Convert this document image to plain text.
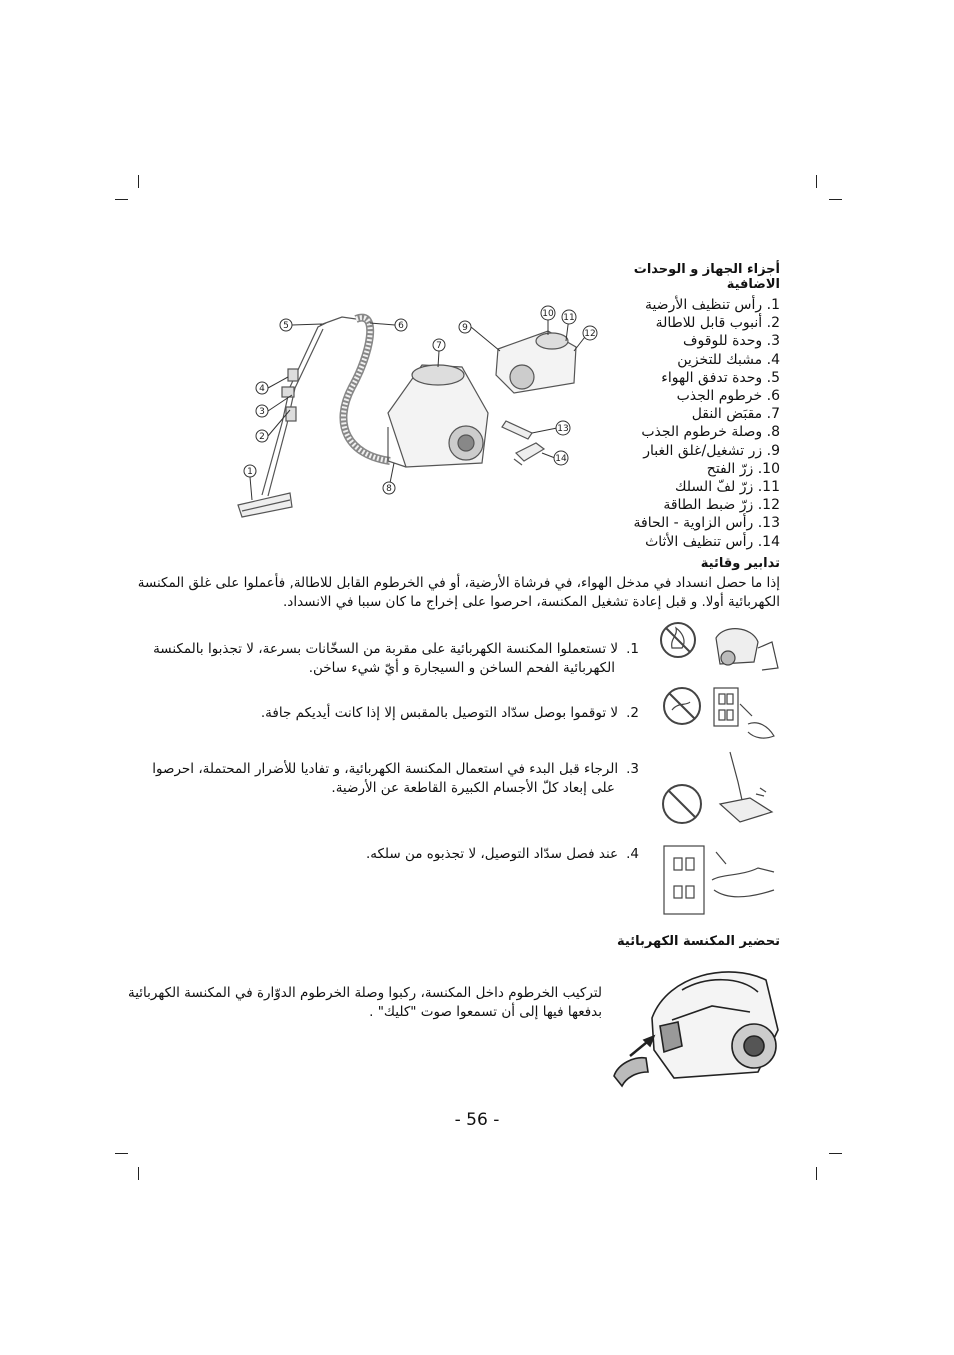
1
2
3
4
5	6
7
8
9
10 11
12
13
14
أجزاء الجهاز و الوحدات الاضافية
1. رأس تنظيف الأرضية
2. أنبوب قابل للاطالة
3. وحدة للوقوف
4. مشبك للتخزين
5. وحدة تدفق الهواء
6. خرطوم الجذب
7. مقبَض النقل
8. وصلة خرطوم الجذب
9. زر تشغيل/غلق الغبار
10. زرّ الفتح
11. زرّ لفّ السلك
12. زرّ ضبط الطاقة
13. رأس الزاوية - الحافة
14. رأس تنظيف الأثاث
تدابير وقائية
إذا ما حصل انسداد في مدخل الهواء، في فرشاة الأرضية، أو في الخرطوم القابل للاطالة, فأعملوا على غلق المكنسة
الكهربائية أولا. و قبل إعادة تشغيل المكنسة، احرصوا على إخراج ما كان سببا في الانسداد.
1.لا تستعملوا المكنسة الكهربائية على مقربة من السخّانات بسرعة، لا تجذبوا بالمكنسة
الكهربائية الفحم الساخن و السيجارة و أيّ شيء ساخن.
2.لا توقموا بوصل سدّاد التوصيل بالمقبس إلا إذا كانت أيديكم جافة.
3.الرجاء قبل البدء في استعمال المكنسة الكهربائية، و تفاديا للأضرار المحتملة، احرصوا
على إبعاد كلّ الأجسام الكبيرة القاطعة عن الأرضية.
4.عند فصل سدّاد التوصيل، لا تجذبوه من سلكه.
تحضير المكنسة الكهربائية
لتركيب الخرطوم داخل المكنسة، ركبوا وصلة الخرطوم الدوّارة في المكنسة الكهربائية
بدفعها فيها إلى أن تسمعوا صوت "كليك" .
- 56 -
